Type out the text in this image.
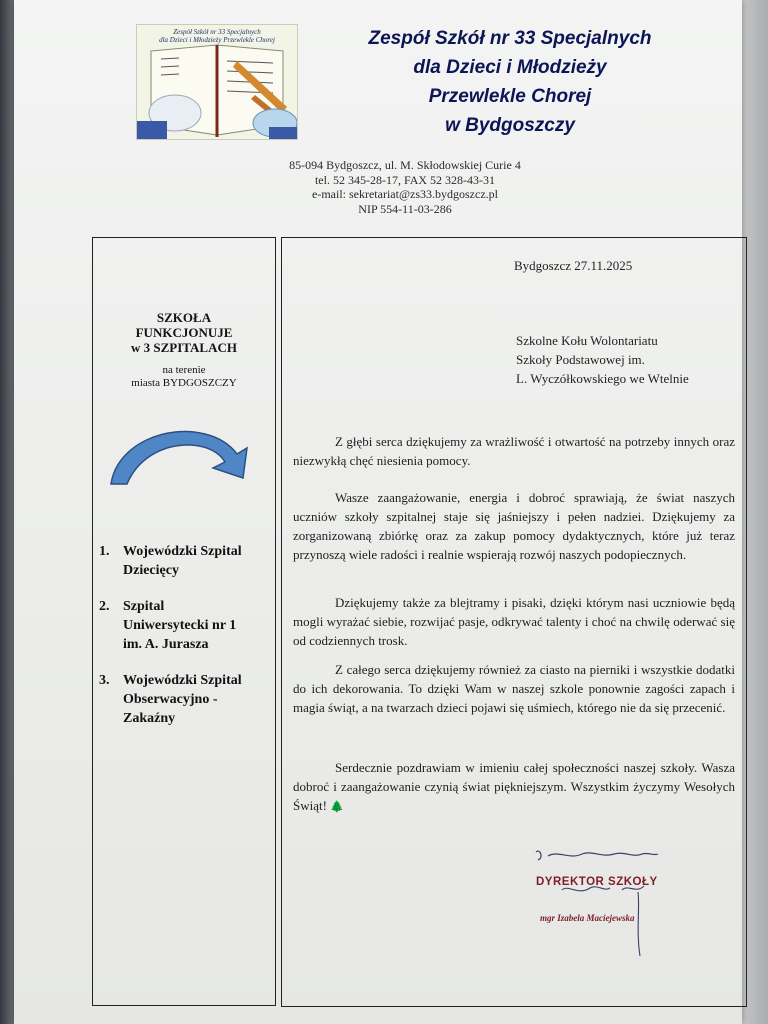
Zespół Szkół nr 33 Specjalnych
dla Dzieci i Młodzieży Przewlekle Chorej	Zespół Szkół nr 33 Specjalnych
dla Dzieci i Młodzieży
Przewlekle Chorej
w Bydgoszczy

85-094 Bydgoszcz, ul. M. Skłodowskiej Curie 4
tel. 52 345-28-17, FAX 52 328-43-31
e-mail: sekretariat@zs33.bydgoszcz.pl
NIP 554-11-03-286

SZKOŁA
FUNKCJONUJE
w 3 SZPITALACH
na terenie
miasta BYDGOSZCZY
1. Wojewódzki Szpital
Dziecięcy
2. Szpital
Uniwersytecki nr 1
im. A. Jurasza
3. Wojewódzki Szpital
Obserwacyjno -
Zakaźny
Bydgoszcz 27.11.2025
Szkolne Kołu Wolontariatu
Szkoły Podstawowej im.
L. Wyczółkowskiego we Wtelnie

Z głębi serca dziękujemy za wrażliwość i otwartość na potrzeby innych oraz niezwykłą chęć niesienia pomocy.

Wasze zaangażowanie, energia i dobroć sprawiają, że świat naszych uczniów szkoły szpitalnej staje się jaśniejszy i pełen nadziei. Dziękujemy za zorganizowaną zbiórkę oraz za zakup pomocy dydaktycznych, które już teraz przynoszą wiele radości i realnie wspierają rozwój naszych podopiecznych.

Dziękujemy także za blejtramy i pisaki, dzięki którym nasi uczniowie będą mogli wyrażać siebie, rozwijać pasje, odkrywać talenty i choć na chwilę oderwać się od codziennych trosk.

Z całego serca dziękujemy również za ciasto na pierniki i wszystkie dodatki do ich dekorowania. To dzięki Wam w naszej szkole ponownie zagości zapach i magia świąt, a na twarzach dzieci pojawi się uśmiech, którego nie da się przecenić.

Serdecznie pozdrawiam w imieniu całej społeczności naszej szkoły. Wasza dobroć i zaangażowanie czynią świat piękniejszym. Wszystkim życzymy Wesołych Świąt! 🌲

DYREKTOR SZKOŁY
mgr Izabela Maciejewska
